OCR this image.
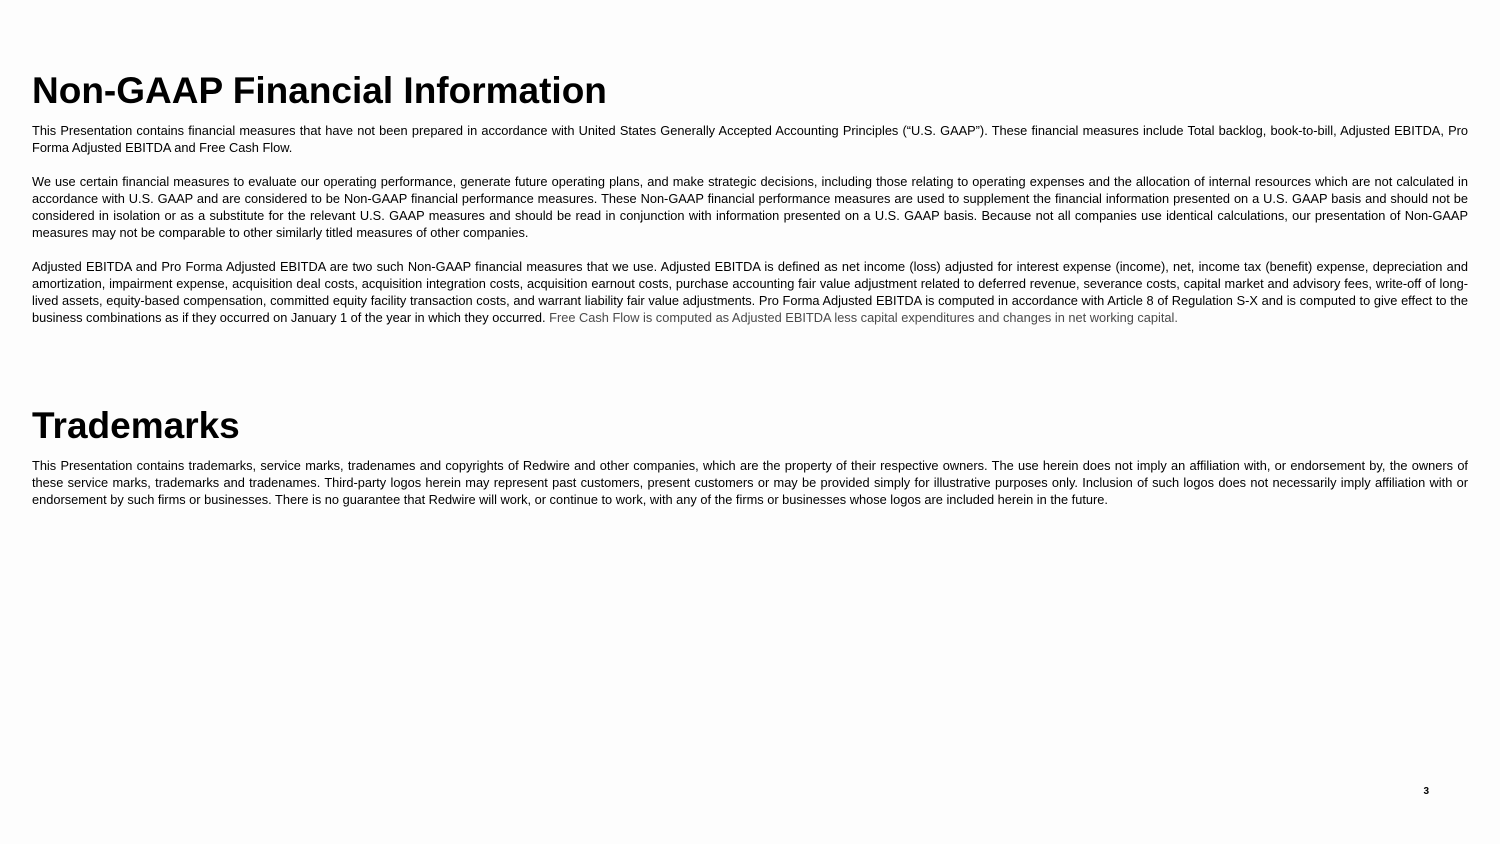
Non-GAAP Financial Information

This Presentation contains financial measures that have not been prepared in accordance with United States Generally Accepted Accounting Principles (“U.S. GAAP”). These financial measures include Total backlog, book-to-bill, Adjusted EBITDA, Pro Forma Adjusted EBITDA and Free Cash Flow.

We use certain financial measures to evaluate our operating performance, generate future operating plans, and make strategic decisions, including those relating to operating expenses and the allocation of internal resources which are not calculated in accordance with U.S. GAAP and are considered to be Non-GAAP financial performance measures. These Non-GAAP financial performance measures are used to supplement the financial information presented on a U.S. GAAP basis and should not be considered in isolation or as a substitute for the relevant U.S. GAAP measures and should be read in conjunction with information presented on a U.S. GAAP basis. Because not all companies use identical calculations, our presentation of Non-GAAP measures may not be comparable to other similarly titled measures of other companies.

Adjusted EBITDA and Pro Forma Adjusted EBITDA are two such Non-GAAP financial measures that we use. Adjusted EBITDA is defined as net income (loss) adjusted for interest expense (income), net, income tax (benefit) expense, depreciation and amortization, impairment expense, acquisition deal costs, acquisition integration costs, acquisition earnout costs, purchase accounting fair value adjustment related to deferred revenue, severance costs, capital market and advisory fees, write-off of long-lived assets, equity-based compensation, committed equity facility transaction costs, and warrant liability fair value adjustments. Pro Forma Adjusted EBITDA is computed in accordance with Article 8 of Regulation S-X and is computed to give effect to the business combinations as if they occurred on January 1 of the year in which they occurred. Free Cash Flow is computed as Adjusted EBITDA less capital expenditures and changes in net working capital.

Trademarks

This Presentation contains trademarks, service marks, tradenames and copyrights of Redwire and other companies, which are the property of their respective owners. The use herein does not imply an affiliation with, or endorsement by, the owners of these service marks, trademarks and tradenames. Third-party logos herein may represent past customers, present customers or may be provided simply for illustrative purposes only. Inclusion of such logos does not necessarily imply affiliation with or endorsement by such firms or businesses. There is no guarantee that Redwire will work, or continue to work, with any of the firms or businesses whose logos are included herein in the future.

3
